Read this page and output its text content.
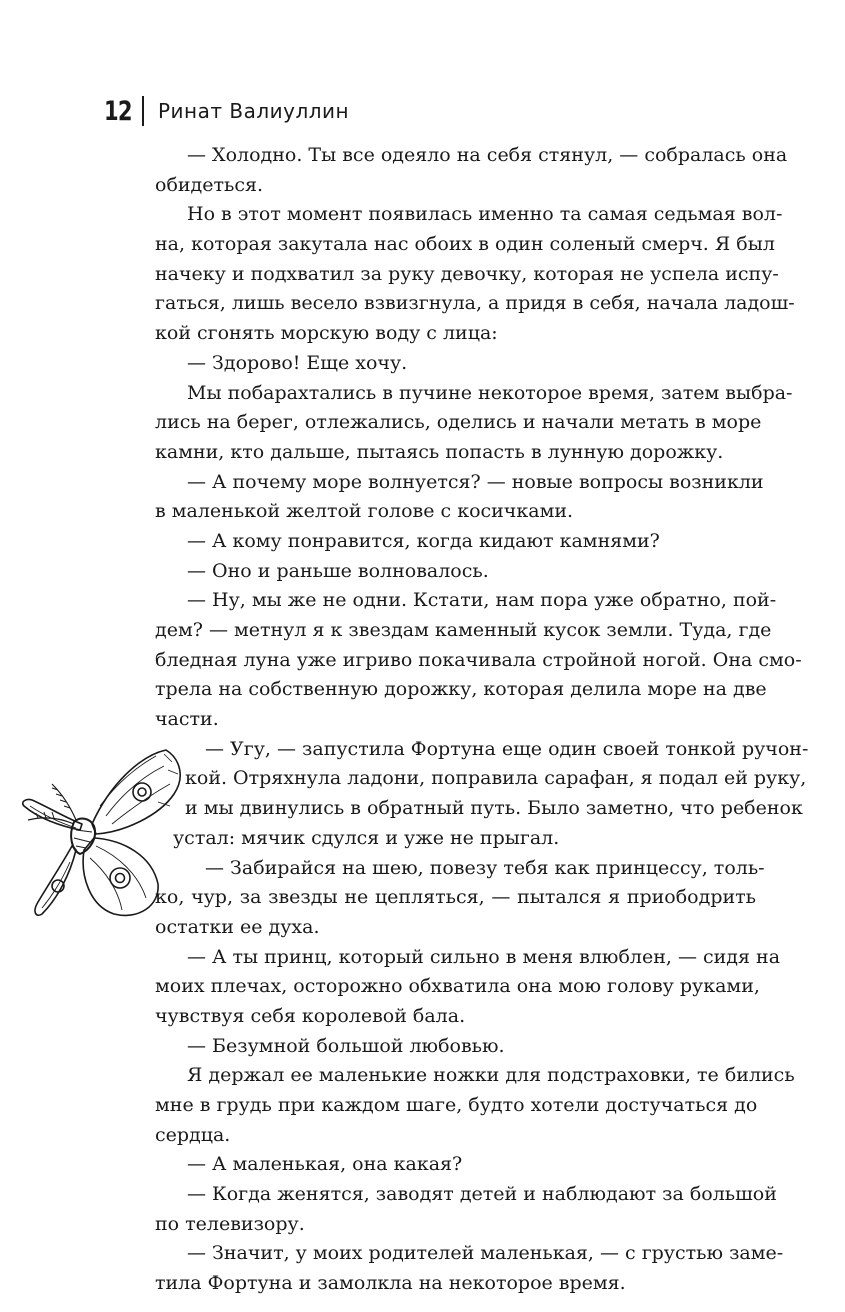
12 Ринат Валиуллин
— Холодно. Ты все одеяло на себя стянул, — собралась она
обидеться.
Но в этот момент появилась именно та самая седьмая вол-
на, которая закутала нас обоих в один соленый смерч. Я был
начеку и подхватил за руку девочку, которая не успела испу-
гаться, лишь весело взвизгнула, а придя в себя, начала ладош-
кой сгонять морскую воду с лица:
— Здорово! Еще хочу.
Мы побарахтались в пучине некоторое время, затем выбра-
лись на берег, отлежались, оделись и начали метать в море
камни, кто дальше, пытаясь попасть в лунную дорожку.
— А почему море волнуется? — новые вопросы возникли
в маленькой желтой голове с косичками.
— А кому понравится, когда кидают камнями?
— Оно и раньше волновалось.
— Ну, мы же не одни. Кстати, нам пора уже обратно, пой-
дем? — метнул я к звездам каменный кусок земли. Туда, где
бледная луна уже игриво покачивала стройной ногой. Она смо-
трела на собственную дорожку, которая делила море на две
части.
— Угу, — запустила Фортуна еще один своей тонкой ручон-
кой. Отряхнула ладони, поправила сарафан, я подал ей руку,
и мы двинулись в обратный путь. Было заметно, что ребенок
устал: мячик сдулся и уже не прыгал.
— Забирайся на шею, повезу тебя как принцессу, толь-
ко, чур, за звезды не цепляться, — пытался я приободрить
остатки ее духа.
— А ты принц, который сильно в меня влюблен, — сидя на
моих плечах, осторожно обхватила она мою голову руками,
чувствуя себя королевой бала.
— Безумной большой любовью.
Я держал ее маленькие ножки для подстраховки, те бились
мне в грудь при каждом шаге, будто хотели достучаться до
сердца.
— А маленькая, она какая?
— Когда женятся, заводят детей и наблюдают за большой
по телевизору.
— Значит, у моих родителей маленькая, — с грустью заме-
тила Фортуна и замолкла на некоторое время.
